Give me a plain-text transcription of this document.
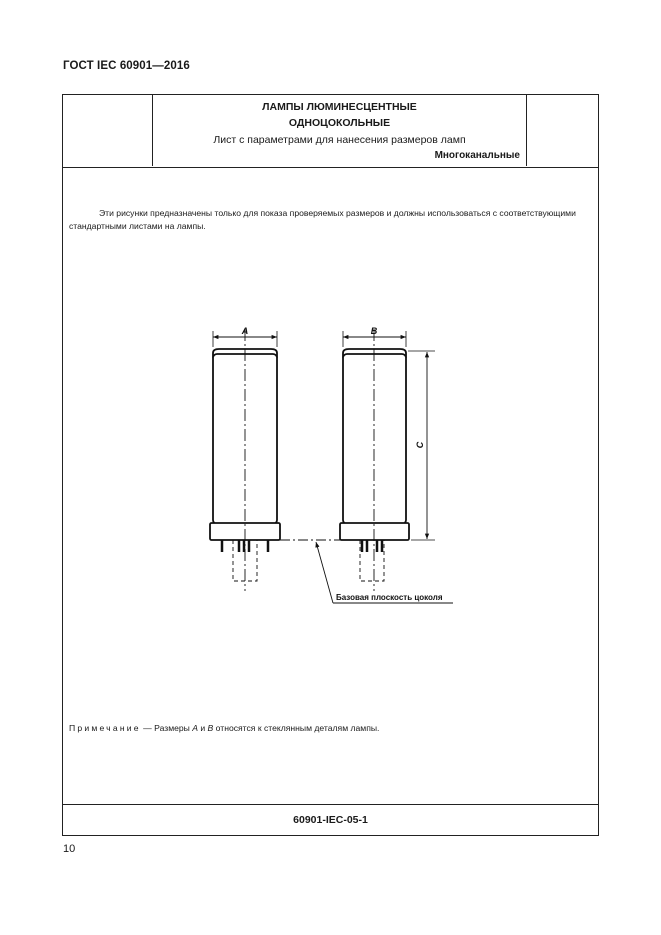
ГОСТ IEC 60901—2016
ЛАМПЫ ЛЮМИНЕСЦЕНТНЫЕ
ОДНОЦОКОЛЬНЫЕ
Лист с параметрами для нанесения размеров ламп
Многоканальные
Эти рисунки предназначены только для показа проверяемых размеров и должны использоваться с соответствующими стандартными листами на лампы.
A	B
C
Базовая плоскость цоколя
Примечание — Размеры A и B относятся к стеклянным деталям лампы.
60901-IEC-05-1
10
